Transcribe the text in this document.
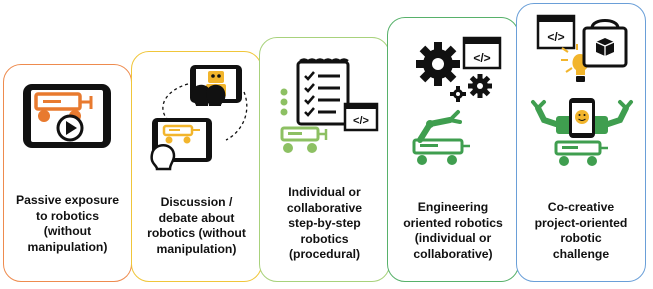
Passive exposure
to robotics
(without
manipulation)
Discussion /
debate about
robotics (without
manipulation)
Individual or
collaborative
step-by-step
robotics
(procedural)
Engineering
oriented robotics
(individual or
collaborative)
Co-creative
project-oriented
robotic
challenge
</>
</>
</>
